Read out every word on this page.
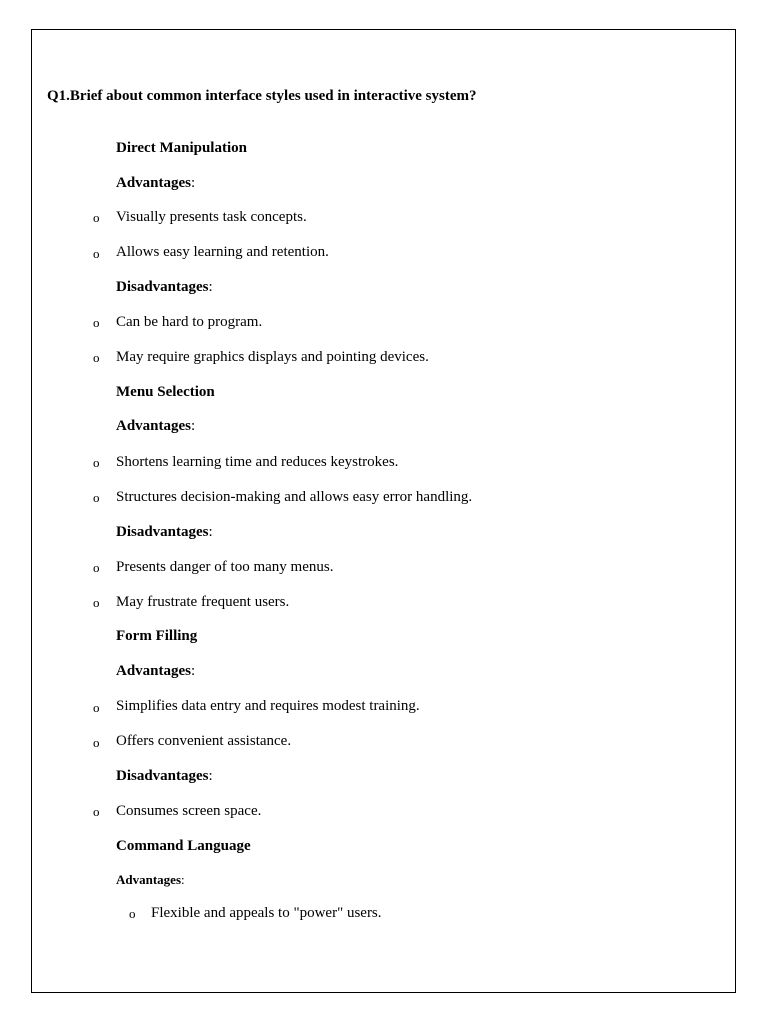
Q1.Brief about common interface styles used in interactive system?
Direct Manipulation
Advantages:
o Visually presents task concepts.
o Allows easy learning and retention.
Disadvantages:
o Can be hard to program.
o May require graphics displays and pointing devices.
Menu Selection
Advantages:
o Shortens learning time and reduces keystrokes.
o Structures decision-making and allows easy error handling.
Disadvantages:
o Presents danger of too many menus.
o May frustrate frequent users.
Form Filling
Advantages:
o Simplifies data entry and requires modest training.
o Offers convenient assistance.
Disadvantages:
o Consumes screen space.
Command Language
Advantages:
o Flexible and appeals to "power" users.
